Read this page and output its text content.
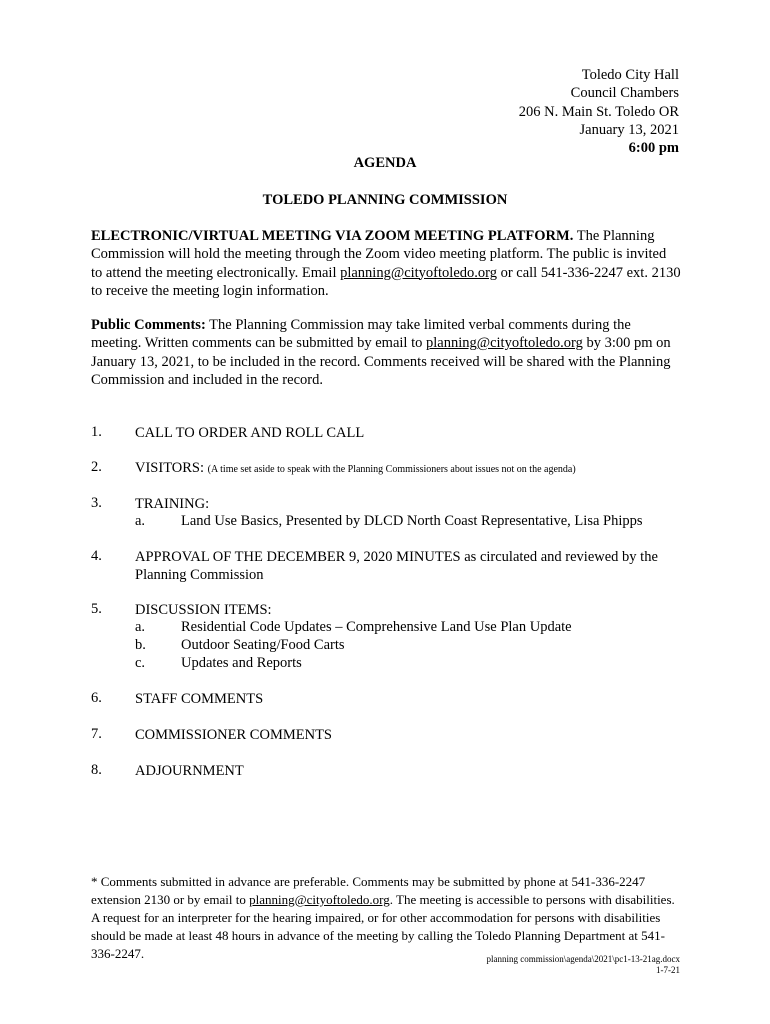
Toledo City Hall
Council Chambers
206 N. Main St. Toledo OR
January 13, 2021
6:00 pm
AGENDA
TOLEDO PLANNING COMMISSION

ELECTRONIC/VIRTUAL MEETING VIA ZOOM MEETING PLATFORM. The Planning Commission will hold the meeting through the Zoom video meeting platform. The public is invited to attend the meeting electronically. Email planning@cityoftoledo.org or call 541-336-2247 ext. 2130 to receive the meeting login information.

Public Comments: The Planning Commission may take limited verbal comments during the meeting. Written comments can be submitted by email to planning@cityoftoledo.org by 3:00 pm on January 13, 2021, to be included in the record. Comments received will be shared with the Planning Commission and included in the record.

1. CALL TO ORDER AND ROLL CALL
2. VISITORS: (A time set aside to speak with the Planning Commissioners about issues not on the agenda)
3. TRAINING:
a. Land Use Basics, Presented by DLCD North Coast Representative, Lisa Phipps
4. APPROVAL OF THE DECEMBER 9, 2020 MINUTES as circulated and reviewed by the Planning Commission
5. DISCUSSION ITEMS:
a. Residential Code Updates – Comprehensive Land Use Plan Update
b. Outdoor Seating/Food Carts
c. Updates and Reports
6. STAFF COMMENTS
7. COMMISSIONER COMMENTS
8. ADJOURNMENT

* Comments submitted in advance are preferable. Comments may be submitted by phone at 541-336-2247 extension 2130 or by email to planning@cityoftoledo.org. The meeting is accessible to persons with disabilities. A request for an interpreter for the hearing impaired, or for other accommodation for persons with disabilities should be made at least 48 hours in advance of the meeting by calling the Toledo Planning Department at 541-336-2247.	planning commission\agenda\2021\pc1-13-21ag.docx
1-7-21
